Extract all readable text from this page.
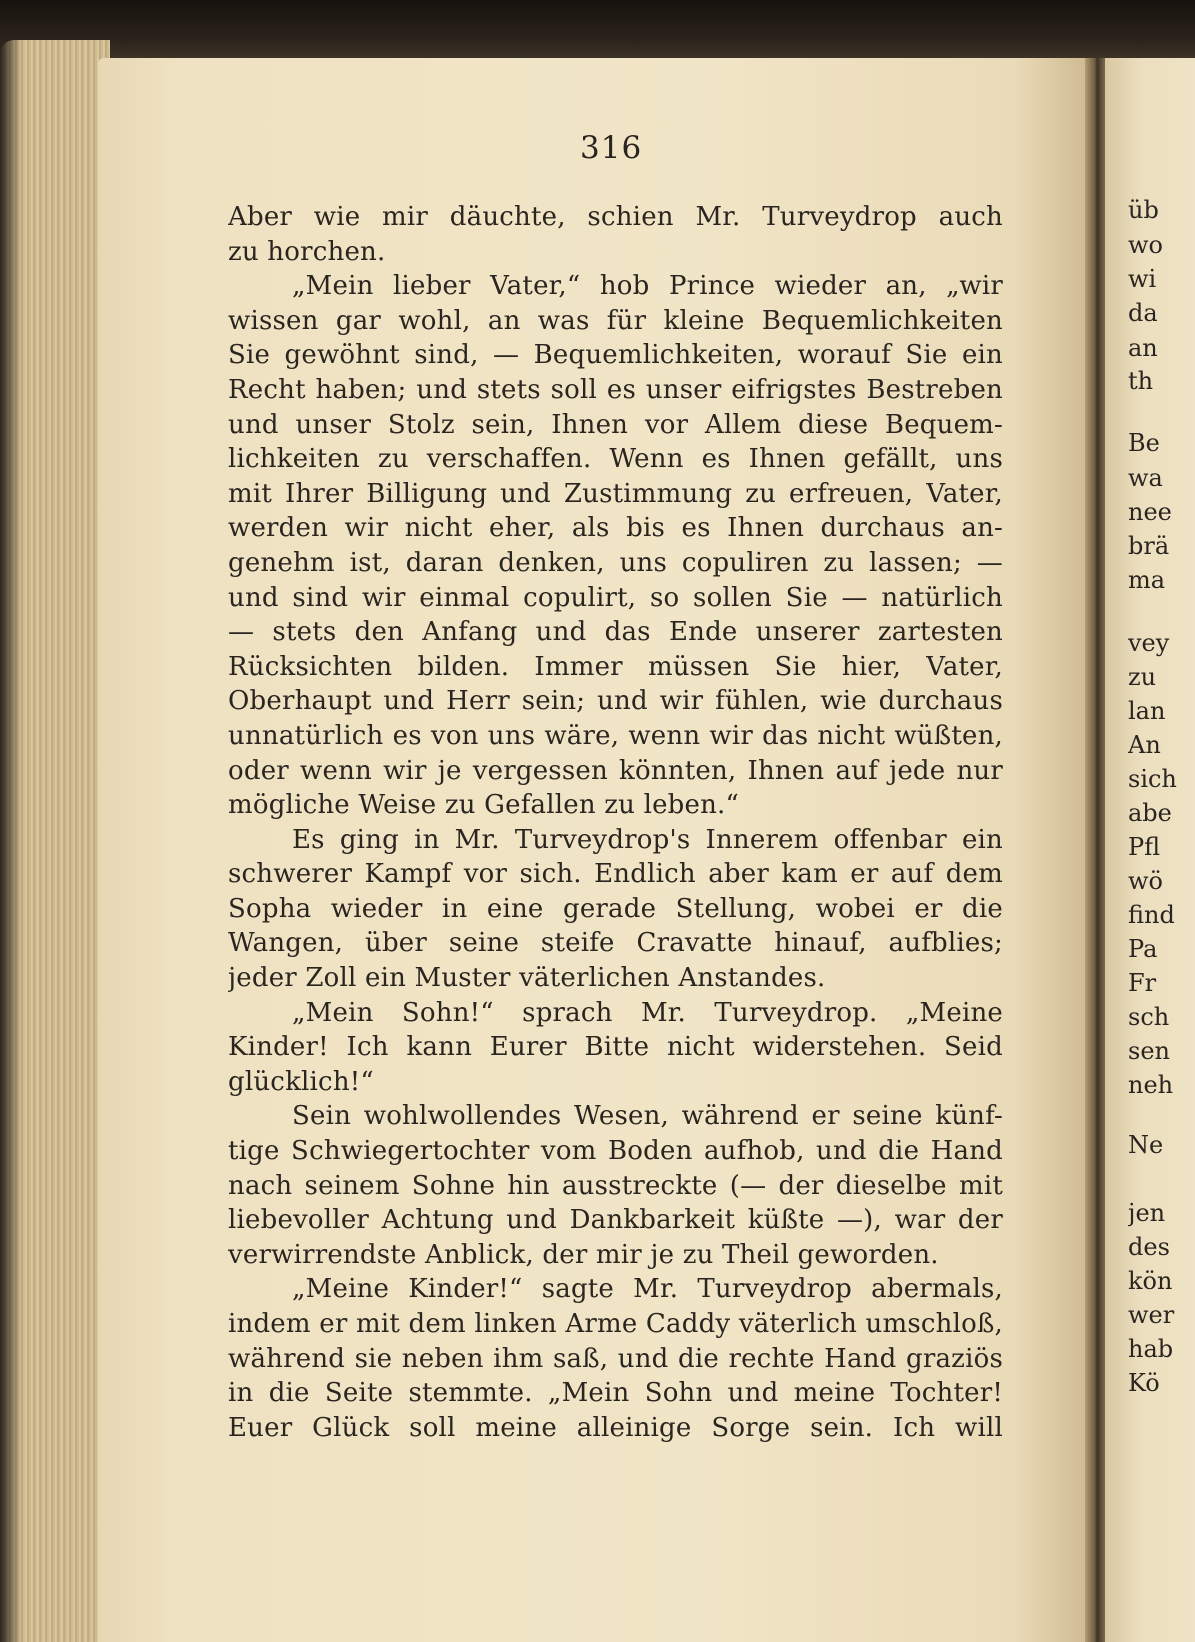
316
Aber wie mir däuchte, schien Mr. Turveydrop auch
zu horchen.
„Mein lieber Vater,“ hob Prince wieder an, „wir
wissen gar wohl, an was für kleine Bequemlichkeiten
Sie gewöhnt sind, — Bequemlichkeiten, worauf Sie ein
Recht haben; und stets soll es unser eifrigstes Bestreben
und unser Stolz sein, Ihnen vor Allem diese Bequem-
lichkeiten zu verschaffen. Wenn es Ihnen gefällt, uns
mit Ihrer Billigung und Zustimmung zu erfreuen, Vater,
werden wir nicht eher, als bis es Ihnen durchaus an-
genehm ist, daran denken, uns copuliren zu lassen; —
und sind wir einmal copulirt, so sollen Sie — natürlich
— stets den Anfang und das Ende unserer zartesten
Rücksichten bilden. Immer müssen Sie hier, Vater,
Oberhaupt und Herr sein; und wir fühlen, wie durchaus
unnatürlich es von uns wäre, wenn wir das nicht wüßten,
oder wenn wir je vergessen könnten, Ihnen auf jede nur
mögliche Weise zu Gefallen zu leben.“
Es ging in Mr. Turveydrop's Innerem offenbar ein
schwerer Kampf vor sich. Endlich aber kam er auf dem
Sopha wieder in eine gerade Stellung, wobei er die
Wangen, über seine steife Cravatte hinauf, aufblies;
jeder Zoll ein Muster väterlichen Anstandes.
„Mein Sohn!“ sprach Mr. Turveydrop. „Meine
Kinder! Ich kann Eurer Bitte nicht widerstehen. Seid
glücklich!“
Sein wohlwollendes Wesen, während er seine künf-
tige Schwiegertochter vom Boden aufhob, und die Hand
nach seinem Sohne hin ausstreckte (— der dieselbe mit
liebevoller Achtung und Dankbarkeit küßte —), war der
verwirrendste Anblick, der mir je zu Theil geworden.
„Meine Kinder!“ sagte Mr. Turveydrop abermals,
indem er mit dem linken Arme Caddy väterlich umschloß,
während sie neben ihm saß, und die rechte Hand graziös
in die Seite stemmte. „Mein Sohn und meine Tochter!
Euer Glück soll meine alleinige Sorge sein. Ich will
üb
wo
wi
da
an
th
Be
wa
nee
brä
ma
vey
zu
lan
An
sich
abe
Pfl
wö
find
Pa
Fr
sch
sen
neh
Ne
jen
des
kön
wer
hab
Kö
